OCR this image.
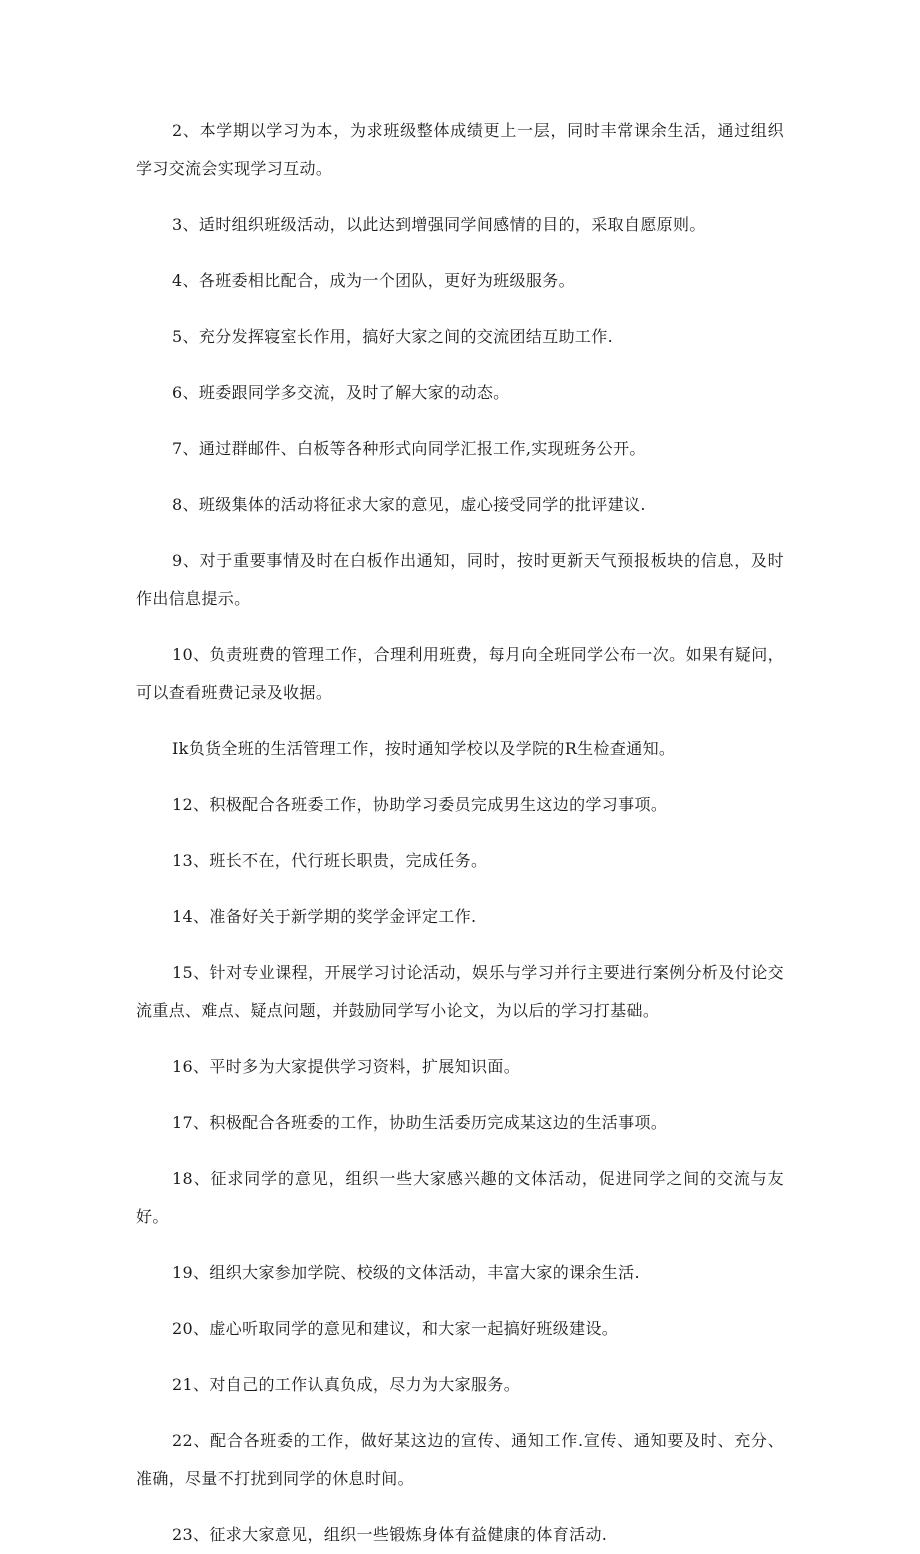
2、本学期以学习为本，为求班级整体成绩更上一层，同时丰常课余生活，通过组织学习交流会实现学习互动。

3、适时组织班级活动，以此达到增强同学间感情的目的，采取自愿原则。

4、各班委相比配合，成为一个团队，更好为班级服务。

5、充分发挥寝室长作用，搞好大家之间的交流团结互助工作.

6、班委跟同学多交流，及时了解大家的动态。

7、通过群邮件、白板等各种形式向同学汇报工作,实现班务公开。

8、班级集体的活动将征求大家的意见，虚心接受同学的批评建议.

9、对于重要事情及时在白板作出通知，同时，按时更新天气预报板块的信息，及时作出信息提示。

10、负责班费的管理工作，合理利用班费，每月向全班同学公布一次。如果有疑问，可以查看班费记录及收据。

Ik负货全班的生活管理工作，按时通知学校以及学院的R生检查通知。

12、积极配合各班委工作，协助学习委员完成男生这边的学习事项。

13、班长不在，代行班长职贵，完成任务。

14、准备好关于新学期的奖学金评定工作.

15、针对专业课程，开展学习讨论活动，娱乐与学习并行主要进行案例分析及付论交流重点、难点、疑点问题，并鼓励同学写小论文，为以后的学习打基础。

16、平时多为大家提供学习资料，扩展知识面。

17、积极配合各班委的工作，协助生活委历完成某这边的生活事项。

18、征求同学的意见，组织一些大家感兴趣的文体活动，促进同学之间的交流与友好。

19、组织大家参加学院、校级的文体活动，丰富大家的课余生活.

20、虚心听取同学的意见和建议，和大家一起搞好班级建设。

21、对自己的工作认真负成，尽力为大家服务。

22、配合各班委的工作，做好某这边的宣传、通知工作.宣传、通知要及时、充分、准确，尽量不打扰到同学的休息时间。

23、征求大家意见，组织一些锻炼身体有益健康的体育活动.
